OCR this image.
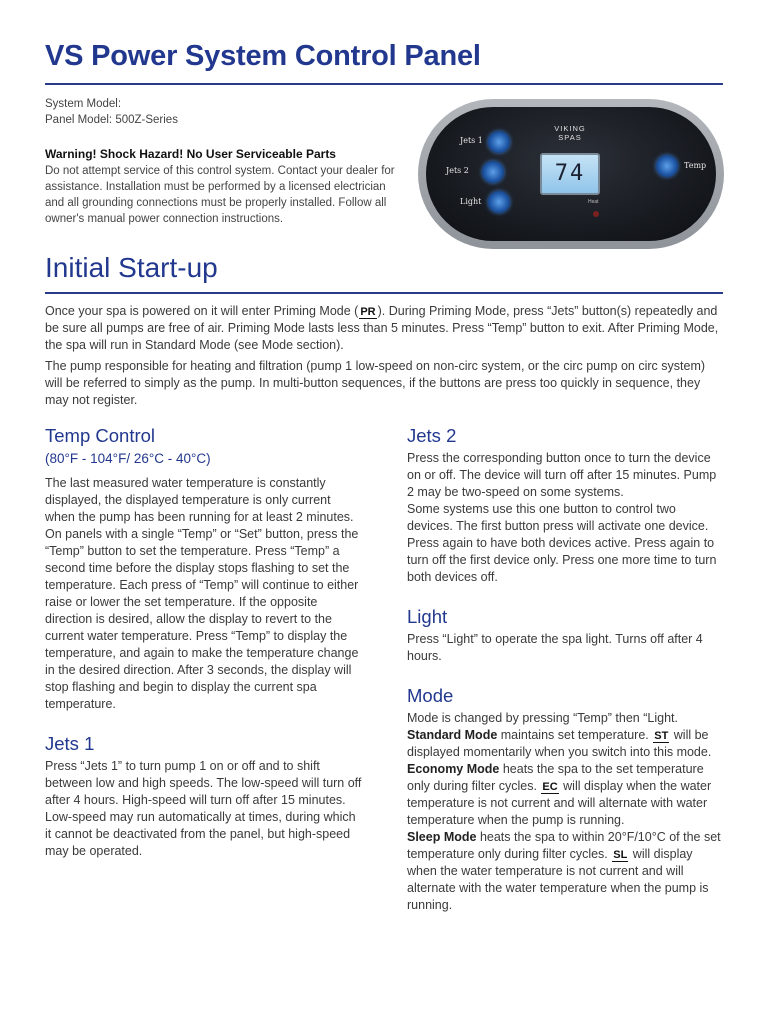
VS Power System Control Panel
System Model:
Panel Model: 500Z-Series
Warning! Shock Hazard! No User Serviceable Parts
Do not attempt service of this control system. Contact your dealer for assistance. Installation must be performed by a licensed electrician and all grounding connections must be properly installed. Follow all owner's manual power connection instructions.
Jets 1
Jets 2
Light
VIKING
SPAS
74
Heat
Temp
Initial Start-up

Once your spa is powered on it will enter Priming Mode ( PR ). During Priming Mode, press “Jets” button(s) repeatedly and be sure all pumps are free of air. Priming Mode lasts less than 5 minutes. Press “Temp” button to exit. After Priming Mode, the spa will run in Standard Mode (see Mode section).

The pump responsible for heating and filtration (pump 1 low-speed on non-circ system, or the circ pump on circ system) will be referred to simply as the pump. In multi-button sequences, if the buttons are press too quickly in sequence, they may not register.

Temp Control
(80°F - 104°F/ 26°C - 40°C)

The last measured water temperature is constantly displayed, the displayed temperature is only current when the pump has been running for at least 2 minutes.

On panels with a single “Temp” or “Set” button, press the “Temp” button to set the temperature. Press “Temp” a second time before the display stops flashing to set the temperature. Each press of “Temp” will continue to either raise or lower the set temperature. If the opposite direction is desired, allow the display to revert to the current water temperature. Press “Temp” to display the temperature, and again to make the temperature change in the desired direction. After 3 seconds, the display will stop flashing and begin to display the current spa temperature.

Jets 1

Press “Jets 1” to turn pump 1 on or off and to shift between low and high speeds. The low-speed will turn off after 4 hours. High-speed will turn off after 15 minutes. Low-speed may run automatically at times, during which it cannot be deactivated from the panel, but high-speed may be operated.

Jets 2

Press the corresponding button once to turn the device on or off. The device will turn off after 15 minutes. Pump 2 may be two-speed on some systems.

Some systems use this one button to control two devices. The first button press will activate one device. Press again to have both devices active. Press again to turn off the first device only. Press one more time to turn both devices off.

Light

Press “Light” to operate the spa light. Turns off after 4 hours.

Mode

Mode is changed by pressing “Temp” then “Light.

Standard Mode maintains set temperature. ST will be displayed momentarily when you switch into this mode.

Economy Mode heats the spa to the set temperature only during filter cycles. EC will display when the water temperature is not current and will alternate with water temperature when the pump is running.

Sleep Mode heats the spa to within 20°F/10°C of the set temperature only during filter cycles. SL will display when the water temperature is not current and will alternate with the water temperature when the pump is running.
